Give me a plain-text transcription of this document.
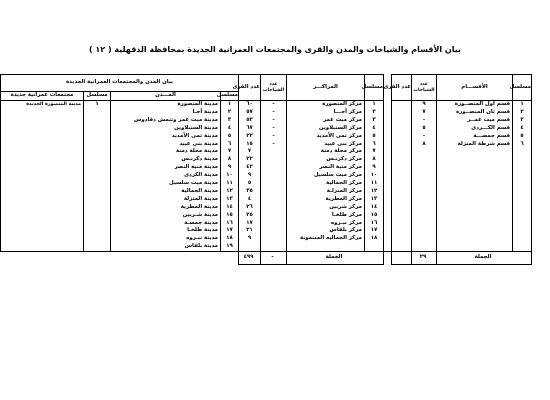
بيان الأقسام والشياخات والمدن والقرى والمجتمعات العمرانية الجديدة بمحافظة الدقهلية ( ١٢ )
مسلسل	الأقســـام	عدد الشياخات	عدد القرى		مسلسل	المراكـــز	عدد الشياخات	عدد القرى	بيان المدن والمجتمعات العمرانية الجديدة			
									مسلسل	المـــدن	مسلسل	مجتمعات عمرانية جديدة
١	قسم أول المنصــورة	٩			١	مركز المنصورة	-	٦٠	١	مدينة المنصورة	١	مدينة المنصورة الجديدة
٢	قسم ثان المنصــورة	٧			٢	مركز أجـــا	-	٥٧	٢	مدينة أجـا		
٣	قسم ميت غمــر	-			٣	مركز ميت غمر	-	٥٣	٣	مدينة ميت غمر وتتمش دقادوس		
٤	قسم الكـــردى	٥			٤	مركز السنبلاوين	-	٦٧	٤	مدينة السنبلاوين		
٥	قسم جمصـــة	-			٥	مركز تمى الأمديد	-	٢٢	٥	مدينة تمى الأمديد		
٦	قسم شرطة المنزلة	٨			٦	مركز بنى عبيد	-	١٥	٦	مدينة بنى عبيد		
					٧	مركز محلة دمنة		٧	٧	مدينة محلة دمنة		
					٨	مركز دكرنـس		٢٢	٨	مدينة دكرنـس		
					٩	مركز منية النصر		٤٢	٩	مدينة منية النصر		
					١٠	مركز ميت سلسيل		٩	١٠	مدينة الكردى		
					١١	مركز الجمالية		٥	١١	مدينة ميت سلسيل		
					١٢	مركز المنزلـة		٣٥	١٢	مدينة الجمالية		
					١٣	مركز المطرية		٤	١٣	مدينة المنزلة		
					١٤	مركز شربين		٢٦	١٤	مدينة المطرية		
					١٥	مركز طلخـا		٢٥	١٥	مدينة شـربين		
					١٦	مركز نبـروه		١٧	١٦	مدينة جمصـة		
					١٧	مركز بلقاس		٢١	١٧	مدينة طلخـا		
					١٨	مركز الجماليه المنتمونة		٩	١٨	مدينة نبـروه		
									١٩	مدينة بلقاس		
الجملة		٢٩			الجملة		-	٤٩٩				
